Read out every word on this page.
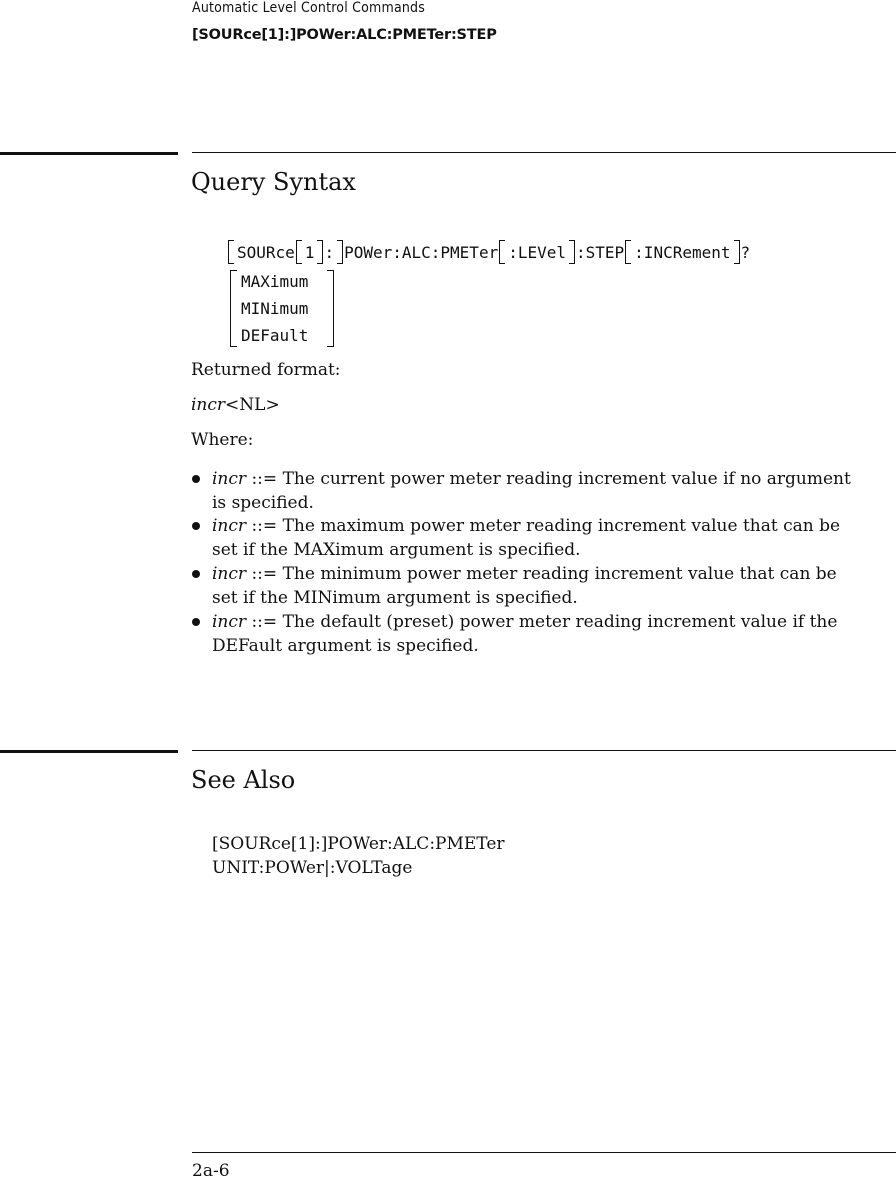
Automatic Level Control Commands
[SOURce[1]:]POWer:ALC:PMETer:STEP
Query Syntax
SOURce 1 : POWer:ALC:PMETer :LEVel :STEP :INCRement ?
MAXimum
MINimum
DEFault
Returned format:
incr<NL>
Where:
incr ::= The current power meter reading increment value if no argument
is specified.
incr ::= The maximum power meter reading increment value that can be
set if the MAXimum argument is specified.
incr ::= The minimum power meter reading increment value that can be
set if the MINimum argument is specified.
incr ::= The default (preset) power meter reading increment value if the
DEFault argument is specified.
See Also
[SOURce[1]:]POWer:ALC:PMETer
UNIT:POWer|:VOLTage
2a-6
